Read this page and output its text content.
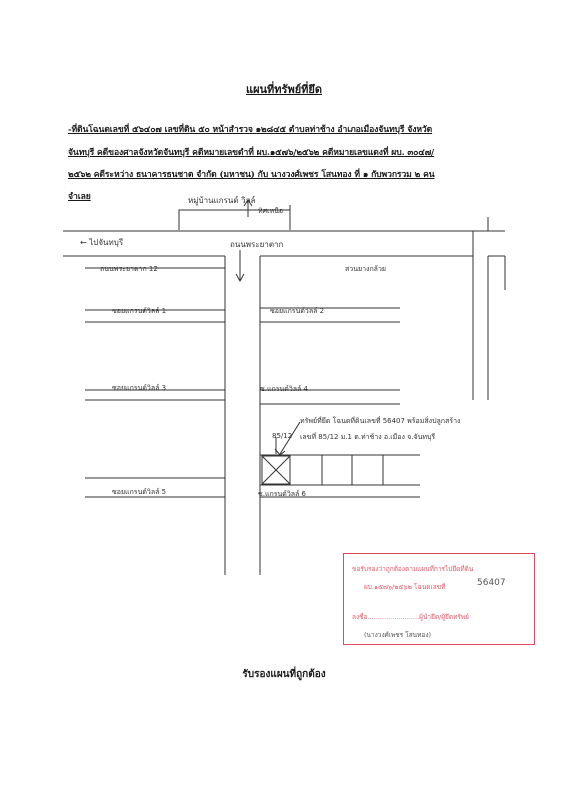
แผนที่ทรัพย์ที่ยึด
-ที่ดินโฉนดเลขที่ ๕๖๔๐๗ เลขที่ดิน ๕๐ หน้าสำรวจ ๑๒๘๔๕ ตำบลท่าช้าง อำเภอเมืองจันทบุรี จังหวัด
จันทบุรี คดีของศาลจังหวัดจันทบุรี คดีหมายเลขดำที่ ผบ.๑๕๗๖/๒๕๖๒ คดีหมายเลขแดงที่ ผบ. ๓๐๔๗/
๒๕๖๒ คดีระหว่าง ธนาคารธนชาต จำกัด (มหาชน) กับ นางวงศ์เพชร โสนทอง ที่ ๑ กับพวกรวม ๒ คน
จำเลย	หมู่บ้านแกรนด์ วิลล์
ทิศเหนือ
← ไปจันทบุรี	ถนนพระยาตาก
ถนนพระยาตาก 12	สวนยางกล้วย
ซอยแกรนด์วิลล์ 1	ซอยแกรนด์วิลล์ 2
ซอยแกรนด์วิลล์ 3	ซ.แกรนด์วิลล์ 4
ทรัพย์ที่ยึด โฉนดที่ดินเลขที่ 56407 พร้อมสิ่งปลูกสร้าง
เลขที่ 85/12 ม.1 ต.ท่าช้าง อ.เมือง จ.จันทบุรี
85/12
ซอยแกรนด์วิลล์ 5	ซ.แกรนด์วิลล์ 6
ขอรับรองว่าถูกต้องตามแผนที่การไปยึดที่ดิน
ผบ.๑๕๗๖/๒๕๖๒ โฉนดเลขที่	56407
ลงชื่อ.........................ผู้นำยึด/ผู้ยึดทรัพย์
(นางวงศ์เพชร โสนทอง)
รับรองแผนที่ถูกต้อง
